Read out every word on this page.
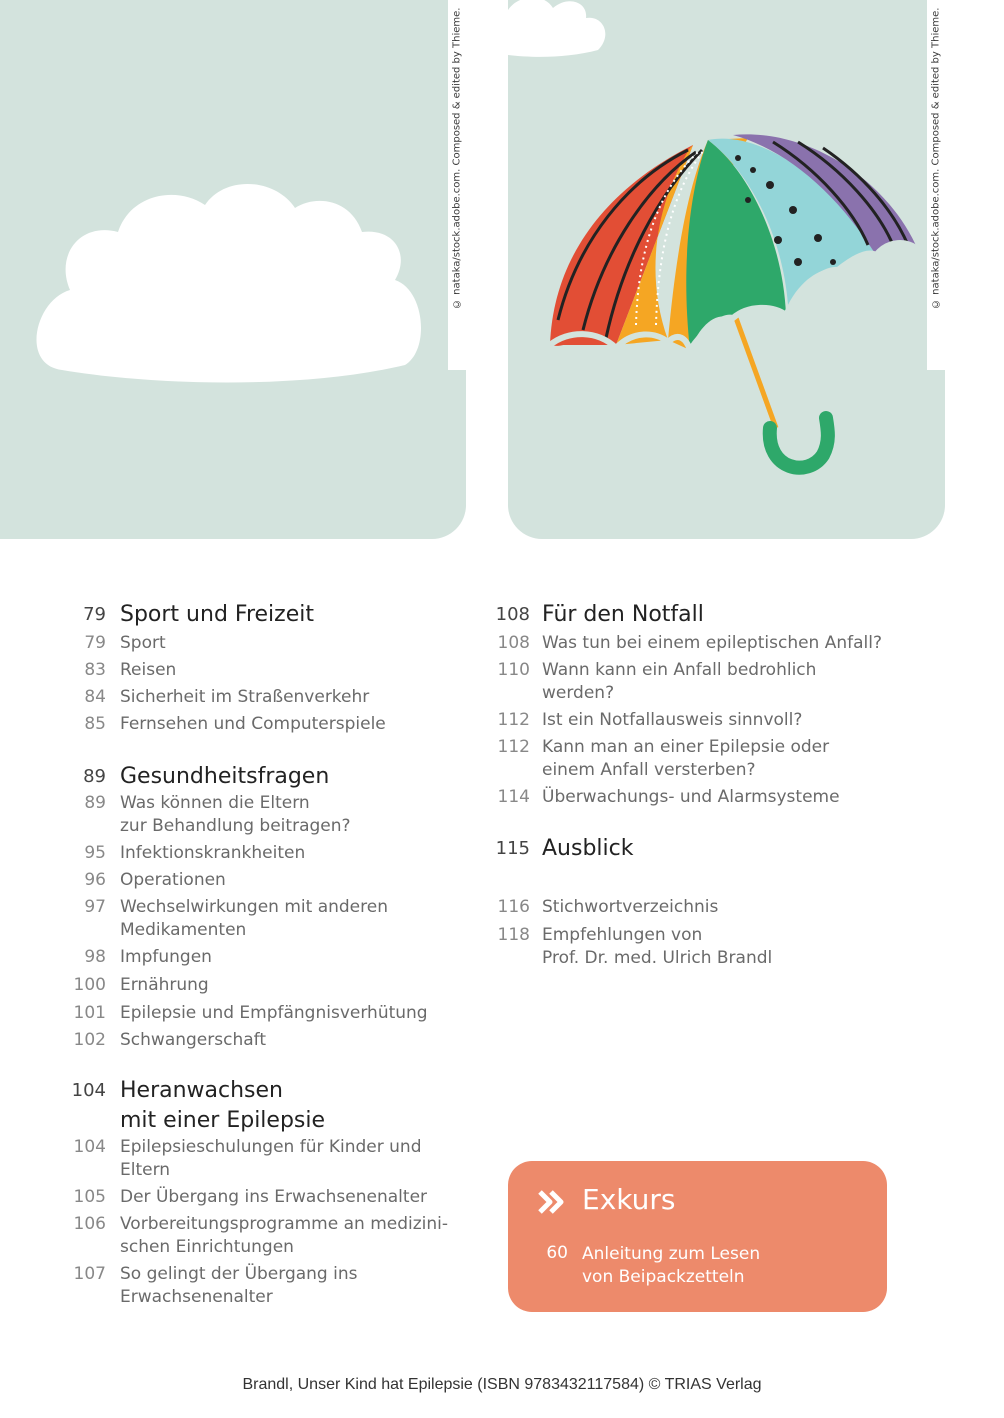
© nataka/stock.adobe.com. Composed & edited by Thieme.	© nataka/stock.adobe.com. Composed & edited by Thieme.
79 Sport und Freizeit
79 Sport
83 Reisen
84 Sicherheit im Straßenverkehr
85 Fernsehen und Computerspiele
89 Gesundheitsfragen
89 Was können die Eltern
zur Behandlung beitragen?
95 Infektionskrankheiten
96 Operationen
97 Wechselwirkungen mit anderen
Medikamenten
98 Impfungen
100 Ernährung
101 Epilepsie und Empfängnisverhütung
102 Schwangerschaft
104 Heranwachsen
mit einer Epilepsie
104 Epilepsieschulungen für Kinder und
Eltern
105 Der Übergang ins Erwachsenenalter
106 Vorbereitungsprogramme an medizini-
schen Einrichtungen
107 So gelingt der Übergang ins
Erwachsenenalter
108 Für den Notfall
108 Was tun bei einem epileptischen Anfall?
110 Wann kann ein Anfall bedrohlich
werden?
112 Ist ein Notfallausweis sinnvoll?
112 Kann man an einer Epilepsie oder
einem Anfall versterben?
114 Überwachungs- und Alarmsysteme
115 Ausblick
116 Stichwortverzeichnis
118 Empfehlungen von
Prof. Dr. med. Ulrich Brandl
Exkurs
60 Anleitung zum Lesen
von Beipackzetteln
Brandl, Unser Kind hat Epilepsie (ISBN 9783432117584) © TRIAS Verlag
